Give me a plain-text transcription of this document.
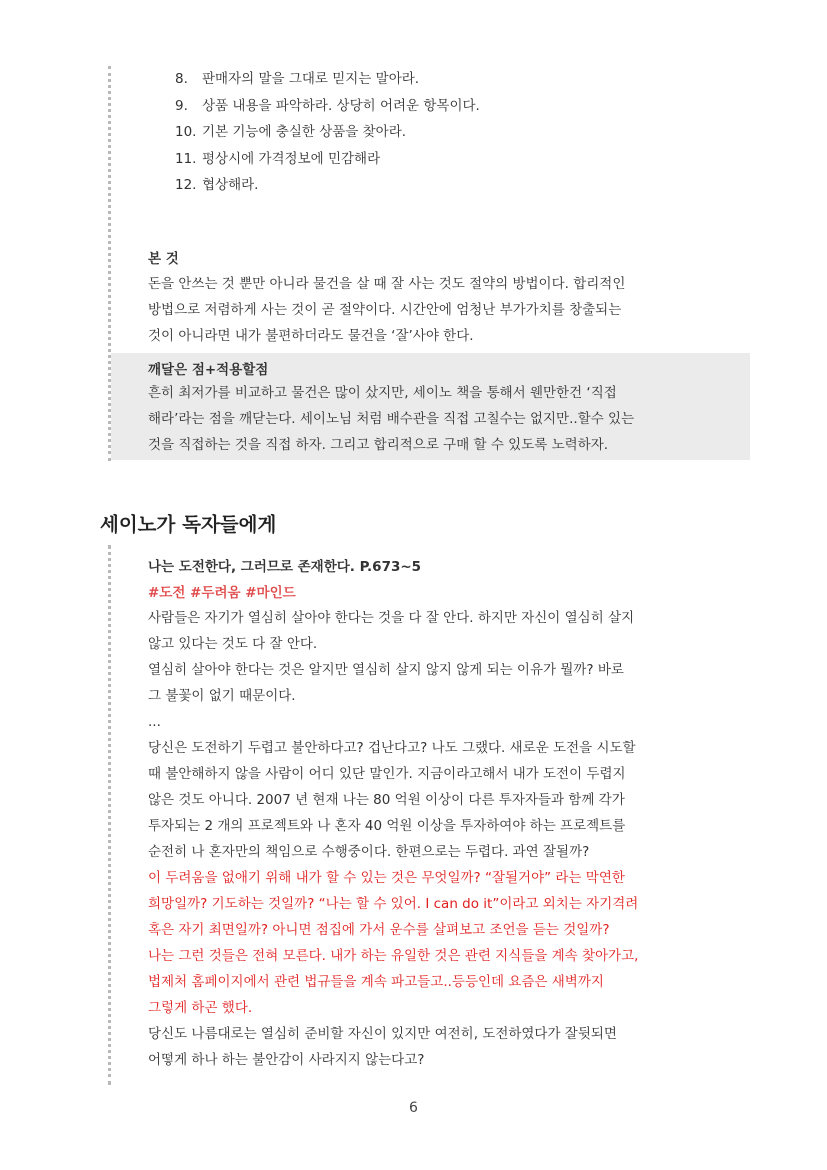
8. 판매자의 말을 그대로 믿지는 말아라.
9. 상품 내용을 파악하라. 상당히 어려운 항목이다.
10. 기본 기능에 충실한 상품을 찾아라.
11. 평상시에 가격정보에 민감해라
12. 협상해라.

본 것

돈을 안쓰는 것 뿐만 아니라 물건을 살 때 잘 사는 것도 절약의 방법이다. 합리적인

방법으로 저렴하게 사는 것이 곧 절약이다. 시간안에 엄청난 부가가치를 창출되는

것이 아니라면 내가 불편하더라도 물건을 ‘잘’사야 한다.

깨달은 점+적용할점

흔히 최저가를 비교하고 물건은 많이 샀지만, 세이노 책을 통해서 웬만한건 ‘직접

해라’라는 점을 깨닫는다. 세이노님 처럼 배수관을 직접 고칠수는 없지만..할수 있는

것을 직접하는 것을 직접 하자. 그리고 합리적으로 구매 할 수 있도록 노력하자.

세이노가 독자들에게

나는 도전한다, 그러므로 존재한다. P.673~5

#도전 #두려움 #마인드

사람들은 자기가 열심히 살아야 한다는 것을 다 잘 안다. 하지만 자신이 열심히 살지

않고 있다는 것도 다 잘 안다.

열심히 살아야 한다는 것은 알지만 열심히 살지 않지 않게 되는 이유가 뭘까? 바로

그 불꽃이 없기 때문이다.

...

당신은 도전하기 두렵고 불안하다고? 겁난다고? 나도 그랬다. 새로운 도전을 시도할

때 불안해하지 않을 사람이 어디 있단 말인가. 지금이라고해서 내가 도전이 두렵지

않은 것도 아니다. 2007 년 현재 나는 80 억원 이상이 다른 투자자들과 함께 각가

투자되는 2 개의 프로젝트와 나 혼자 40 억원 이상을 투자하여야 하는 프로젝트를

순전히 나 혼자만의 책임으로 수행중이다. 한편으로는 두렵다. 과연 잘될까?

이 두려움을 없애기 위해 내가 할 수 있는 것은 무엇일까? “잘될거야” 라는 막연한

희망일까? 기도하는 것일까? “나는 할 수 있어. I can do it”이라고 외치는 자기격려

혹은 자기 최면일까? 아니면 점집에 가서 운수를 살펴보고 조언을 듣는 것일까?

나는 그런 것들은 전혀 모른다. 내가 하는 유일한 것은 관련 지식들을 계속 찾아가고,

법제처 홈페이지에서 관련 법규들을 계속 파고들고..등등인데 요즘은 새벽까지

그렇게 하곤 했다.

당신도 나름대로는 열심히 준비할 자신이 있지만 여전히, 도전하였다가 잘뒷되면

어떻게 하나 하는 불안감이 사라지지 않는다고?

6
